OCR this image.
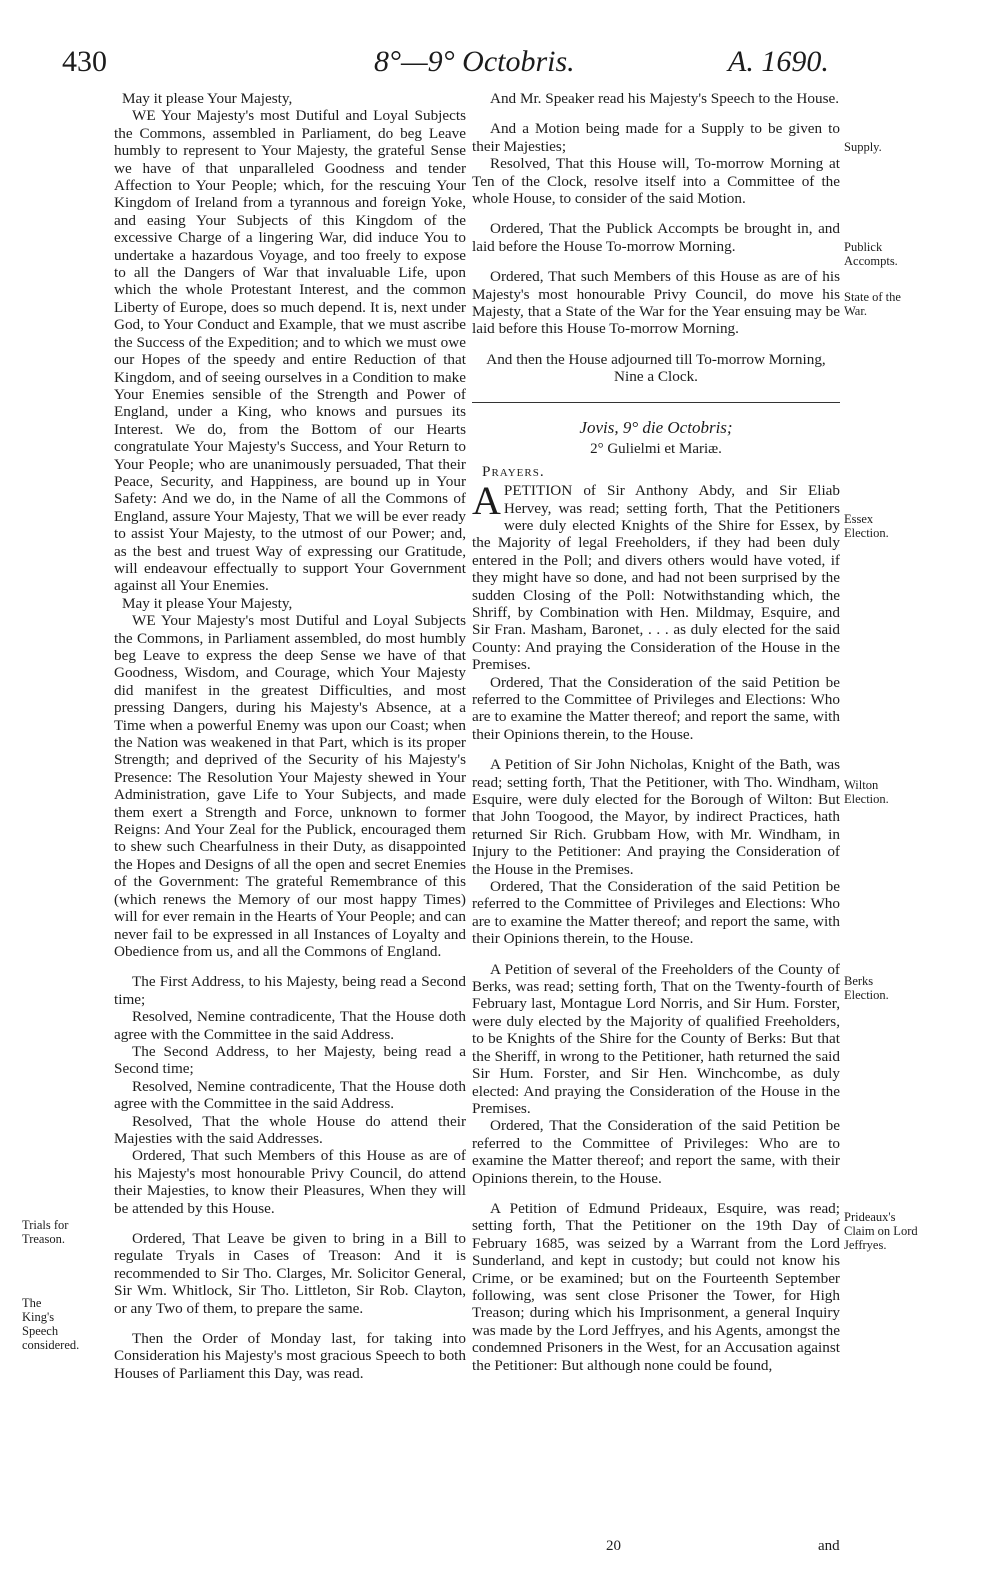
430	8°—9° Octobris.	A. 1690.

May it please Your Majesty,

WE Your Majesty's most Dutiful and Loyal Subjects the Commons, assembled in Parliament, do beg Leave humbly to represent to Your Majesty, the grateful Sense we have of that unparalleled Goodness and tender Affection to Your People; which, for the rescuing Your Kingdom of Ireland from a tyrannous and foreign Yoke, and easing Your Subjects of this Kingdom of the excessive Charge of a lingering War, did induce You to undertake a hazardous Voyage, and too freely to expose to all the Dangers of War that invaluable Life, upon which the whole Protestant Interest, and the common Liberty of Europe, does so much depend. It is, next under God, to Your Conduct and Example, that we must ascribe the Success of the Expedition; and to which we must owe our Hopes of the speedy and entire Reduction of that Kingdom, and of seeing ourselves in a Condition to make Your Enemies sensible of the Strength and Power of England, under a King, who knows and pursues its Interest. We do, from the Bottom of our Hearts congratulate Your Majesty's Success, and Your Return to Your People; who are unanimously persuaded, That their Peace, Security, and Happiness, are bound up in Your Safety: And we do, in the Name of all the Commons of England, assure Your Majesty, That we will be ever ready to assist Your Majesty, to the utmost of our Power; and, as the best and truest Way of expressing our Gratitude, will endeavour effectually to support Your Government against all Your Enemies.

May it please Your Majesty,

WE Your Majesty's most Dutiful and Loyal Subjects the Commons, in Parliament assembled, do most humbly beg Leave to express the deep Sense we have of that Goodness, Wisdom, and Courage, which Your Majesty did manifest in the greatest Difficulties, and most pressing Dangers, during his Majesty's Absence, at a Time when a powerful Enemy was upon our Coast; when the Nation was weakened in that Part, which is its proper Strength; and deprived of the Security of his Majesty's Presence: The Resolution Your Majesty shewed in Your Administration, gave Life to Your Subjects, and made them exert a Strength and Force, unknown to former Reigns: And Your Zeal for the Publick, encouraged them to shew such Chearfulness in their Duty, as disappointed the Hopes and Designs of all the open and secret Enemies of the Government: The grateful Remembrance of this (which renews the Memory of our most happy Times) will for ever remain in the Hearts of Your People; and can never fail to be expressed in all Instances of Loyalty and Obedience from us, and all the Commons of England.

The First Address, to his Majesty, being read a Second time;

Resolved, Nemine contradicente, That the House doth agree with the Committee in the said Address.

The Second Address, to her Majesty, being read a Second time;

Resolved, Nemine contradicente, That the House doth agree with the Committee in the said Address.

Resolved, That the whole House do attend their Majesties with the said Addresses.

Ordered, That such Members of this House as are of his Majesty's most honourable Privy Council, do attend their Majesties, to know their Pleasures, When they will be attended by this House.

Ordered, That Leave be given to bring in a Bill to regulate Tryals in Cases of Treason: And it is recommended to Sir Tho. Clarges, Mr. Solicitor General, Sir Wm. Whitlock, Sir Tho. Littleton, Sir Rob. Clayton, or any Two of them, to prepare the same.

Then the Order of Monday last, for taking into Consideration his Majesty's most gracious Speech to both Houses of Parliament this Day, was read.

And Mr. Speaker read his Majesty's Speech to the House.

And a Motion being made for a Supply to be given to their Majesties;

Resolved, That this House will, To-morrow Morning at Ten of the Clock, resolve itself into a Committee of the whole House, to consider of the said Motion.

Ordered, That the Publick Accompts be brought in, and laid before the House To-morrow Morning.

Ordered, That such Members of this House as are of his Majesty's most honourable Privy Council, do move his Majesty, that a State of the War for the Year ensuing may be laid before this House To-morrow Morning.

And then the House adjourned till To-morrow Morning, Nine a Clock.

Jovis, 9° die Octobris;

2° Gulielmi et Mariæ.

Prayers.

APETITION of Sir Anthony Abdy, and Sir Eliab Hervey, was read; setting forth, That the Petitioners were duly elected Knights of the Shire for Essex, by the Majority of legal Freeholders, if they had been duly entered in the Poll; and divers others would have voted, if they might have so done, and had not been surprised by the sudden Closing of the Poll: Notwithstanding which, the Shriff, by Combination with Hen. Mildmay, Esquire, and Sir Fran. Masham, Baronet, . . . as duly elected for the said County: And praying the Consideration of the House in the Premises.

Ordered, That the Consideration of the said Petition be referred to the Committee of Privileges and Elections: Who are to examine the Matter thereof; and report the same, with their Opinions therein, to the House.

A Petition of Sir John Nicholas, Knight of the Bath, was read; setting forth, That the Petitioner, with Tho. Windham, Esquire, were duly elected for the Borough of Wilton: But that John Toogood, the Mayor, by indirect Practices, hath returned Sir Rich. Grubbam How, with Mr. Windham, in Injury to the Petitioner: And praying the Consideration of the House in the Premises.

Ordered, That the Consideration of the said Petition be referred to the Committee of Privileges and Elections: Who are to examine the Matter thereof; and report the same, with their Opinions therein, to the House.

A Petition of several of the Freeholders of the County of Berks, was read; setting forth, That on the Twenty-fourth of February last, Montague Lord Norris, and Sir Hum. Forster, were duly elected by the Majority of qualified Freeholders, to be Knights of the Shire for the County of Berks: But that the Sheriff, in wrong to the Petitioner, hath returned the said Sir Hum. Forster, and Sir Hen. Winchcombe, as duly elected: And praying the Consideration of the House in the Premises.

Ordered, That the Consideration of the said Petition be referred to the Committee of Privileges: Who are to examine the Matter thereof; and report the same, with their Opinions therein, to the House.

A Petition of Edmund Prideaux, Esquire, was read; setting forth, That the Petitioner on the 19th Day of February 1685, was seized by a Warrant from the Lord Sunderland, and kept in custody; but could not know his Crime, or be examined; but on the Fourteenth September following, was sent close Prisoner the Tower, for High Treason; during which his Imprisonment, a general Inquiry was made by the Lord Jeffryes, and his Agents, amongst the condemned Prisoners in the West, for an Accusation against the Petitioner: But although none could be found,

Trials for Treason.
The King's Speech considered.
Supply.
Publick Accompts.
State of the War.
Essex Election.
Wilton Election.
Berks Election.
Prideaux's Claim on Lord Jeffryes.
20	and
